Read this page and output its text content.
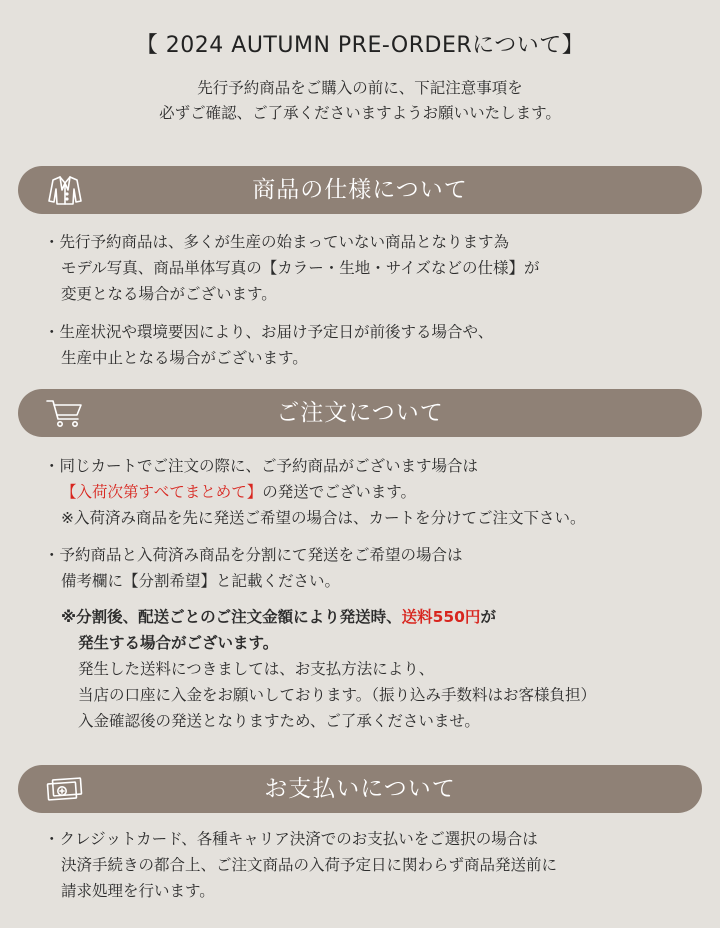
【 2024 AUTUMN PRE-ORDERについて】
先行予約商品をご購入の前に、下記注意事項を
必ずご確認、ご了承くださいますようお願いいたします。
商品の仕様について
・先行予約商品は、多くが生産の始まっていない商品となります為
モデル写真、商品単体写真の【カラー・生地・サイズなどの仕様】が
変更となる場合がございます。
・生産状況や環境要因により、お届け予定日が前後する場合や、
生産中止となる場合がございます。
ご注文について
・同じカートでご注文の際に、ご予約商品がございます場合は
【入荷次第すべてまとめて】の発送でございます。
※入荷済み商品を先に発送ご希望の場合は、カートを分けてご注文下さい。
・予約商品と入荷済み商品を分割にて発送をご希望の場合は
備考欄に【分割希望】と記載ください。
※分割後、配送ごとのご注文金額により発送時、送料550円が
発生する場合がございます。
発生した送料につきましては、お支払方法により、
当店の口座に入金をお願いしております。（振り込み手数料はお客様負担）
入金確認後の発送となりますため、ご了承くださいませ。
お支払いについて
・クレジットカード、各種キャリア決済でのお支払いをご選択の場合は
決済手続きの都合上、ご注文商品の入荷予定日に関わらず商品発送前に
請求処理を行います。
